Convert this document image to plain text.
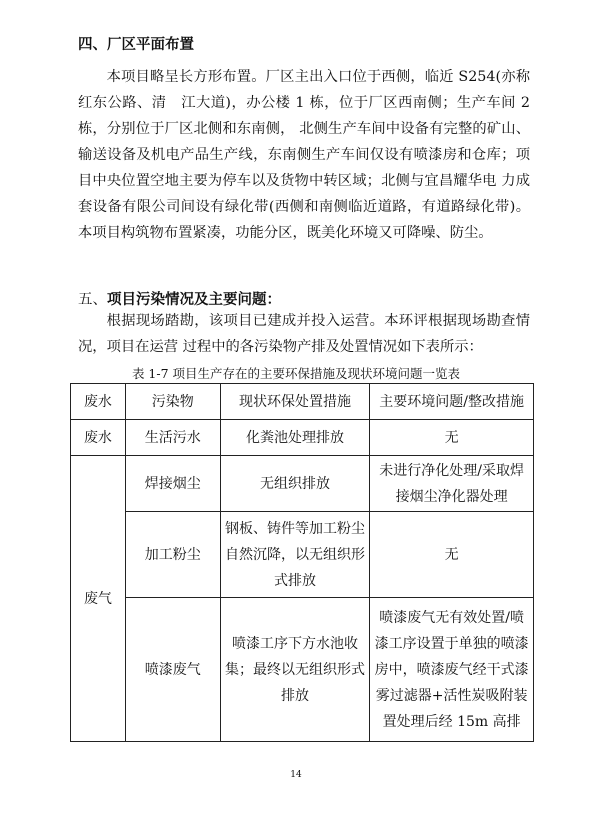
四、厂区平面布置
本项目略呈长方形布置。厂区主出入口位于西侧，临近 S254(亦称红东公路、清　江大道)，办公楼 1 栋，位于厂区西南侧；生产车间 2 栋，分别位于厂区北侧和东南侧， 北侧生产车间中设备有完整的矿山、输送设备及机电产品生产线，东南侧生产车间仅设有喷漆房和仓库；项目中央位置空地主要为停车以及货物中转区域；北侧与宜昌耀华电 力成套设备有限公司间设有绿化带(西侧和南侧临近道路，有道路绿化带)。本项目构筑物布置紧凑，功能分区，既美化环境又可降噪、防尘。
五、项目污染情况及主要问题：
根据现场踏勘，该项目已建成并投入运营。本环评根据现场勘查情况，项目在运营 过程中的各污染物产排及处置情况如下表所示：
表 1-7 项目生产存在的主要环保措施及现状环境问题一览表
废水	污染物	现状环保处置措施	主要环境问题/整改措施
废水	生活污水	化粪池处理排放	无
废气	焊接烟尘	无组织排放	未进行净化处理/采取焊接烟尘净化器处理
	加工粉尘	钢板、铸件等加工粉尘自然沉降，以无组织形式排放	无
	喷漆废气	喷漆工序下方水池收集；最终以无组织形式排放	喷漆废气无有效处置/喷漆工序设置于单独的喷漆房中，喷漆废气经干式漆雾过滤器+活性炭吸附装置处理后经 15m 高排
14
